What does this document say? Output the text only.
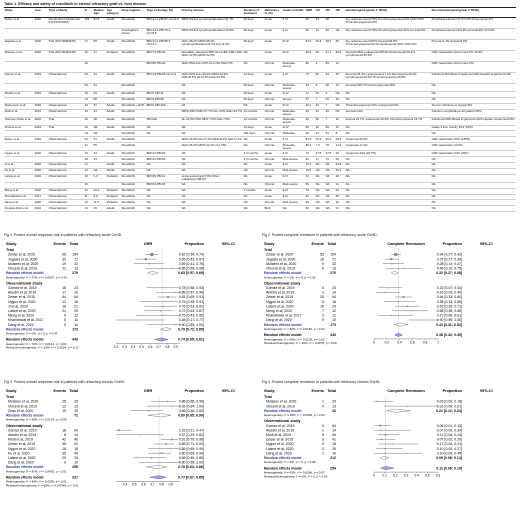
Table 1. Efficacy and safety of ruxolitinib in steroid refractory graft vs. host disease.
Study	Year	Type of Study	N	Median Age	Age category	Drug regimen	Type of therapy (%)	Primary disease	Duration of treatment	Refractory to (%)	Grade of GvHD	ORR	CR	PR	NR	Hematological (grade 3 TRAE)	Non-hematological (grade 3 TRAE)
Zeiser et al.	2020	Randomized clinical trial (NCT02913261)	154	52.5	Adults	Ruxolitinib	BM=12.3 PB=87 UC=0.6	MDS=63.6% Lymphoproliferative=11.7%	28 days	Acute	II-IV	62	34	28	-	Any adverse event=78% Thrombocytopenia=27% CMV=22% Thrombocytopenia=14%	Peripheral edema=1% UTI=2% Pneumonia=3%
						Investigator's choice	BM=14.4 PB=76.1 UC=9.5	MDS=63.6% Lymphoproliferative=16.8%	28 days	Acute	II-IV	40	31	39	NA	Any adverse event=70% Thrombocytopenia=11% Anemia=9%	Peripheral edema=13% Pneumonia=6% UTI=2%
Jagasia et al.	2020	Trial (NCT02953678)	71	58	Adults	Ruxolitinib	BM=13.1 PB=86.9 UC=1.4	AML=38.2% MDS=28.2% Lymphoproliferative=9.7% CLL=4.2%	28 days	Acute	III-IV	54.9	26.8	28.2	45	Any adverse event=83% Anemia=64.8% Thrombocytopenia=52.1% Neutropenia=15% CMV=4%	Pyrexia=1.4% Sepsis=5.6%
Moiseev et al.	2020	Trial (NCT02469128)	32	17	Pediatric	Ruxolitinib	BM=74 PB=26	Hereditary diseases=28% ALL=18% CML=16% AML=12.5% MDS=12.5%	NA	Acute	III-IV	59.4	28	31.2	40.6	Anemia=45% Leukopenia=88.2% Neutropenia=76.4% Lymphopenia 85.3%	CMV reactivation Abnormal LFTs 18.3%
			29				BM=80 PB=20	AML=55% ALL=12% CLL=3% SAA=7%	NA	Chronic	Moderate-severe	86	3	83	14		CMV reactivation Abnormal LFTs
Gómez et al.	2019	Observational	23	21	Adults	Ruxolitinib	BM=13 PB=95 UC=2.9	AML=40% ALL=15.2% MDS=10.9% CML=8.6% HL=2.3% NHL=16.8%	14 days	Acute	II-IV	75	52	23	25	Anemia=26.4% Leukopenia=17.1% Neutropenia 43.4% Lymphopenia 20.5% Thrombocytopenia 55.8%	Infections=9% Bowel impairment=8% Hepatic impairment=9%
			54	61		Ruxolitinib		NA	28 days	Chronic	Moderate-severe	33	5	28	24	Anemia=30% Thrombocytopenia=15%	NA
Abedin et al.	2019	Observational	19	59	Adults	Ruxolitinib	BM=0 PB=11	NA	90 days	Acute	III-IV	17	15	2	NA	NA	NA
			14	58		Ruxolitinib	BM=9 PB=88	NA	90 days	Chronic	Severe	57	7	50	43	NA	NA
Modemann et al.	2020	Observational	23	57	Adults	Ruxolitinib + ECP	BM=0 PB=100	NA	NA	Acute	III-IV	39.1	32	7	NA	Thrombocytopenia=11% Leukopenia=6%	Severe infections or sepsis=6%
Modi et al.	2019	Observational	46	43	Adults	Ruxolitinib		MDS=33% PMF=27.7% ALL=16% AML=13.7%	12 months	Chronic	Moderate-severe	92	22	69	NA	Anemia=10%	Infection complications all grades=52%
Yasmeen Zhao et al.	2020	Trial	29	28	Adults	Ruxolitinib	PB=100	AL-31.5% PNH MDS 7.0% NHL 7.0%	12 months	Chronic	Moderate-severe	66	59	7	34	anemia 29.7%, leukopenia 20.4%, thrombocytopenia 19.7%	Infections=29% Bowel impairment=10% Hepatic impairment=8%
Vincent et al.	2019	Trial	13	NA	Adults	Ruxolitinib	NA	NA	44 days	Acute	III-IV	85	46	39	15	NA	Grade 3 liver toxicity 3/13 (23%)
			13	NA		Ruxolitinib	NA	NA	492 days	Chronic	Moderate	92	31	61	8	NA	NA
Zeiser et al.	2015	Observational	54	51	Adults	Ruxolitinib		AML=46.5% ALL=7.4% MDS=8.2% NHL=7.4%	NA	Acute	II-IV	81.5	46.3	35.2	18.5	Cytopenia 55.6%	CMV reactivation 33% (18/54)
			41	55		Ruxolitinib		AML=25.2% MDS=12.2% CLL=8%	NA	Chronic	Moderate-severe	85.4	7.3	78	14.6	Cytopenia 17.1%	CMV reactivation 14.6%
Uygun et al.	2020	Observational	16	44	Adults	Ruxolitinib	BM=44 PB=50	NA	4.4 months	Acute	II-IV	75	37.5	37.5	25	Cytopenia 3/16 (18.7%)	CMV reactivation 4/16 (25%)
			18	33		Ruxolitinib	BM=44 PB=56	NA	3.3 months	Chronic	Mod-severe	90	17	73	10	NA	NA
Ji et al.	2020	Observational	21		Adults	Ruxolitinib	NA	NA	NA	Acute	II-IV	76.2	NA	NA	23.8	NA	NA
Fe et al.	2020	Observational	44	NA	Adults	Ruxolitinib	NA	NA	NA	Chronic	Mod-severe	79.5	NA	NA	20.5	NA	NA
Laisné et al.	2020	Observational	29	6.3	Pediatric	Ruxolitinib	BM=89 PB=11	Acute leukemia=27.6% Other malignancy=58.3%	NA	Acute	II-IV	72	NA	NA	28	NA	NA
			29			Ruxolitinib	BM=64 PB=36	NA	NA	Chronic	Mod-severe	69	NA	NA	31	NA	NA
Meng et al.	2020	Observational	12	23.4	Pediatric	Ruxolitinib	NA	NA	3 months	Acute	II-IV	75	NA	NA	25	NA	NA
Khandelwal et al.	2017	Observational	11	8.5	Pediatric	Ruxolitinib	NA	NA	NA	Acute	II-IV	45	NA	NA	55	NA	NA
Dang et al.	2020	Observational	10	11.5	Pediatric	Ruxolitinib	NA	NA	NA	Chronic	Mod-severe	90	NA	NA	10	NA	NA
Poyatos-Ruiz et al.	2016	Observational	13	46	Adults	Ruxolitinib	NA	NA	NA	Both	NA	69	NA	NA	31	NA	NA
Fig 1. Pooled overall response rate in patients with refractory acute GvHD.
Study	Events Total	ORR	Proportion	95%-CI
Trial
Zeiser et al, 2020	96 154	0.62 [0.54; 0.70]
Jagasia et al, 2020	39 71	0.55 [0.43; 0.67]
Moiseev et al, 2020	19 32	0.59 [0.41; 0.76]
Vincent et al, 2019	11 13	0.85 [0.55; 0.98]
Random effects model	270	0.63 [0.57; 0.69]
Heterogeneity: I² = 37%, τ² = 0.0037, p = 0.19
Observational study
Gómez et al, 2019	18 23	0.78 [0.56; 0.93]
Abedin et al, 2019	17 19	0.89 [0.67; 0.99]
Zeiser et al, 2015	44 54	0.81 [0.69; 0.91]
Uygun et al, 2020	12 16	0.75 [0.48; 0.93]
Ji et al, 2020	16 21	0.76 [0.53; 0.92]
Laisné et al, 2020	21 29	0.72 [0.53; 0.87]
Meng et al, 2020	9 12	0.75 [0.43; 0.95]
Khandelwal et al, 2017	5 11	0.45 [0.17; 0.77]
Dang et al, 2020	9 10	0.90 [0.55; 1.00]
Random effects model	173	0.79 [0.72; 0.85]
Heterogeneity: I² = 0%, τ² = 0, p = 0.47
Random effects model	443	0.74 [0.65; 0.81]
Heterogeneity: I² = 72%, τ² = 0.0141, p < 0.01
Residual heterogeneity: I² = 23%, τ² = 0.0024, p = 0.17	0.2 0.3 0.4 0.5 0.6 0.7 0.8 0.9
Fig 2. Pooled complete remission in patients with refractory acute GvHD.
Study	Events Total	Complete Remission	Proportion	95%-CI
Trial
Zeiser et al, 2020	53 154	0.34 [0.27; 0.42]
Jagasia et al, 2020	19 71	0.27 [0.17; 0.39]
Moiseev et al, 2020	9 32	0.28 [0.14; 0.47]
Vincent et al, 2019	6 13	0.46 [0.19; 0.75]
Random effects model	270	0.32 [0.27; 0.38]
Heterogeneity: I² = 0%, τ² = 0, p = 0.55
Observational study
Gómez et al, 2019	5 23	0.22 [0.07; 0.44]
Abedin et al, 2019	3 19	0.16 [0.03; 0.40]
Zeiser et al, 2015	25 54	0.46 [0.33; 0.60]
Uygun et al, 2020	6 16	0.38 [0.15; 0.65]
Laisné et al, 2020	15 29	0.52 [0.33; 0.71]
Meng et al, 2020	7 12	0.58 [0.28; 0.85]
Khandelwal et al, 2017	3 11	0.27 [0.06; 0.61]
Dang et al, 2020	9 10	0.90 [0.55; 1.00]
Random effects model	173	0.41 [0.31; 0.53]
Heterogeneity: I² = 52%, τ² = 0.0182, p = 0.04
Random effects model	443	0.38 [0.32; 0.45]
Heterogeneity: I² = 49%, τ² = 0.0105, p = 0.02
Residual heterogeneity: I² = 40%, τ² = 0.0076, p = 0.06	0	0.2	0.4	0.6	0.8	1
Fig 3. Pooled overall response rate in patients with refractory chronic GvHD.
Study	Events Total	ORR	Proportion	95%-CI
Trial
Moiseev et al, 2020	25 29	0.86 [0.68; 0.96]
Vincent et al, 2019	12 13	0.92 [0.64; 1.00]
Zhao et al, 2020	19 29	0.66 [0.46; 0.82]
Random effects model	71	0.80 [0.65; 0.90]
Heterogeneity: I² = 58%, τ² = 0.0179, p = 0.09
Observational study
Gómez et al, 2019	18 54	0.33 [0.21; 0.47]
Abedin et al, 2019	8 14	0.57 [0.29; 0.82]
Modi et al, 2019	42 46	0.91 [0.79; 0.98]
Zeiser et al, 2015	35 41	0.85 [0.71; 0.94]
Uygun et al, 2020	16 18	0.89 [0.65; 0.99]
Fe et al, 2020	35 44	0.80 [0.65; 0.90]
Laisné et al, 2020	20 29	0.69 [0.49; 0.85]
Dang et al, 2020	9 10	0.90 [0.55; 1.00]
Random effects model	256	0.76 [0.63; 0.86]
Heterogeneity: I² = 87%, τ² = 0.0403, p < 0.01
Random effects model	327	0.77 [0.67; 0.85]
Heterogeneity: I² = 84%, τ² = 0.0336, p < 0.01
Residual heterogeneity: I² = 83%, τ² = 0.0346, p < 0.01	0.4 0.5 0.6 0.7 0.8 0.9
Fig 4. Pooled complete remission in patients with refractory chronic GvHD.
Study	Events Total	Complete Remission	Proportion	95%-CI
Trial
Moiseev et al, 2020	1 29	0.03 [0.00; 0.18]
Vincent et al, 2019	4 13	0.31 [0.09; 0.61]
Random effects model	42	0.21 [0.12; 0.34]
Heterogeneity: I² = 78%, τ² = 0.0335, p = 0.03
Observational study
Gómez et al, 2019	3 54	0.06 [0.01; 0.15]
Abedin et al, 2019	1 14	0.07 [0.00; 0.34]
Modi et al, 2019	5 46	0.11 [0.04; 0.24]
Zeiser et al, 2015	3 41	0.07 [0.02; 0.20]
Uygun et al, 2020	3 18	0.17 [0.04; 0.41]
Laisné et al, 2020	3 29	0.10 [0.02; 0.27]
Dang et al, 2020	1 10	0.10 [0.00; 0.45]
Random effects model	212	0.09 [0.06; 0.14]
Heterogeneity: I² = 0%, τ² = 0, p = 0.88
Random effects model	254	0.11 [0.06; 0.19]
Heterogeneity: I² = 43%, τ² = 0.0066, p = 0.07
Residual heterogeneity: I² = 0%, τ² = 0, p = 0.64	0 0.1 0.2 0.3 0.4 0.5 0.6
